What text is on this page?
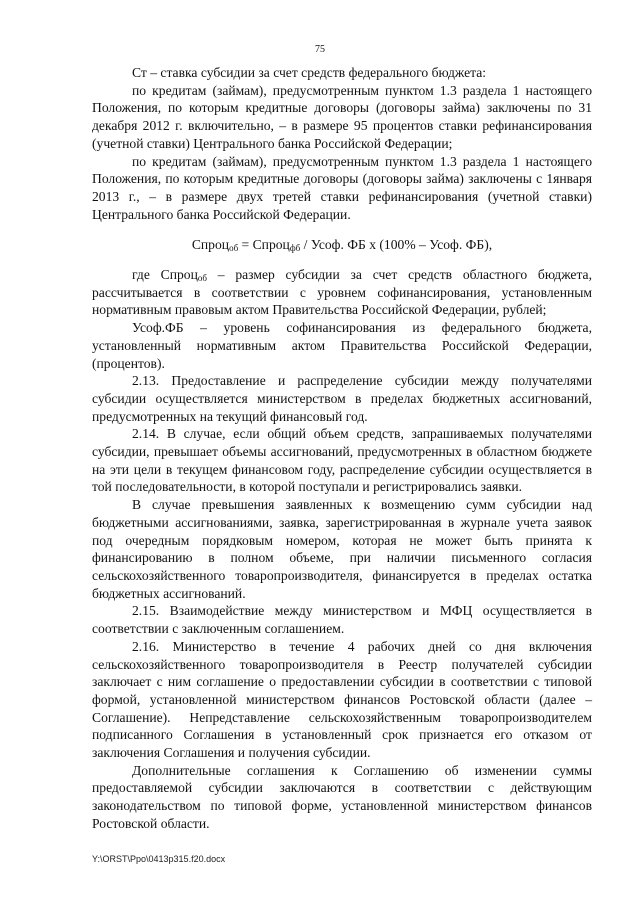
75

Ст – ставка субсидии за счет средств федерального бюджета:

по кредитам (займам), предусмотренным пунктом 1.3 раздела 1 настоящего Положения, по которым кредитные договоры (договоры займа) заключены по 31 декабря 2012 г. включительно, – в размере 95 процентов ставки рефинансирования (учетной ставки) Центрального банка Российской Федерации;

по кредитам (займам), предусмотренным пунктом 1.3 раздела 1 настоящего Положения, по которым кредитные договоры (договоры займа) заключены с 1января 2013 г., – в размере двух третей ставки рефинансирования (учетной ставки) Центрального банка Российской Федерации.

Спроц$_{об}$ = Спроц$_{фб}$ / Усоф. ФБ х (100% – Усоф. ФБ),

где Спроц$_{об}$ – размер субсидии за счет средств областного бюджета, рассчитывается в соответствии с уровнем софинансирования, установленным нормативным правовым актом Правительства Российской Федерации, рублей;

Усоф.ФБ – уровень софинансирования из федерального бюджета, установленный нормативным актом Правительства Российской Федерации, (процентов).

2.13. Предоставление и распределение субсидии между получателями субсидии осуществляется министерством в пределах бюджетных ассигнований, предусмотренных на текущий финансовый год.

2.14. В случае, если общий объем средств, запрашиваемых получателями субсидии, превышает объемы ассигнований, предусмотренных в областном бюджете на эти цели в текущем финансовом году, распределение субсидии осуществляется в той последовательности, в которой поступали и регистрировались заявки.

В случае превышения заявленных к возмещению сумм субсидии над бюджетными ассигнованиями, заявка, зарегистрированная в журнале учета заявок под очередным порядковым номером, которая не может быть принята к финансированию в полном объеме, при наличии письменного согласия сельскохозяйственного товаропроизводителя, финансируется в пределах остатка бюджетных ассигнований.

2.15. Взаимодействие между министерством и МФЦ осуществляется в соответствии с заключенным соглашением.

2.16. Министерство в течение 4 рабочих дней со дня включения сельскохозяйственного товаропроизводителя в Реестр получателей субсидии заключает с ним соглашение о предоставлении субсидии в соответствии с типовой формой, установленной министерством финансов Ростовской области (далее – Соглашение). Непредставление сельскохозяйственным товаропроизводителем подписанного Соглашения в установленный срок признается его отказом от заключения Соглашения и получения субсидии.

Дополнительные соглашения к Соглашению об изменении суммы предоставляемой субсидии заключаются в соответствии с действующим законодательством по типовой форме, установленной министерством финансов Ростовской области.

Y:\ORST\Ppo\0413p315.f20.docx
